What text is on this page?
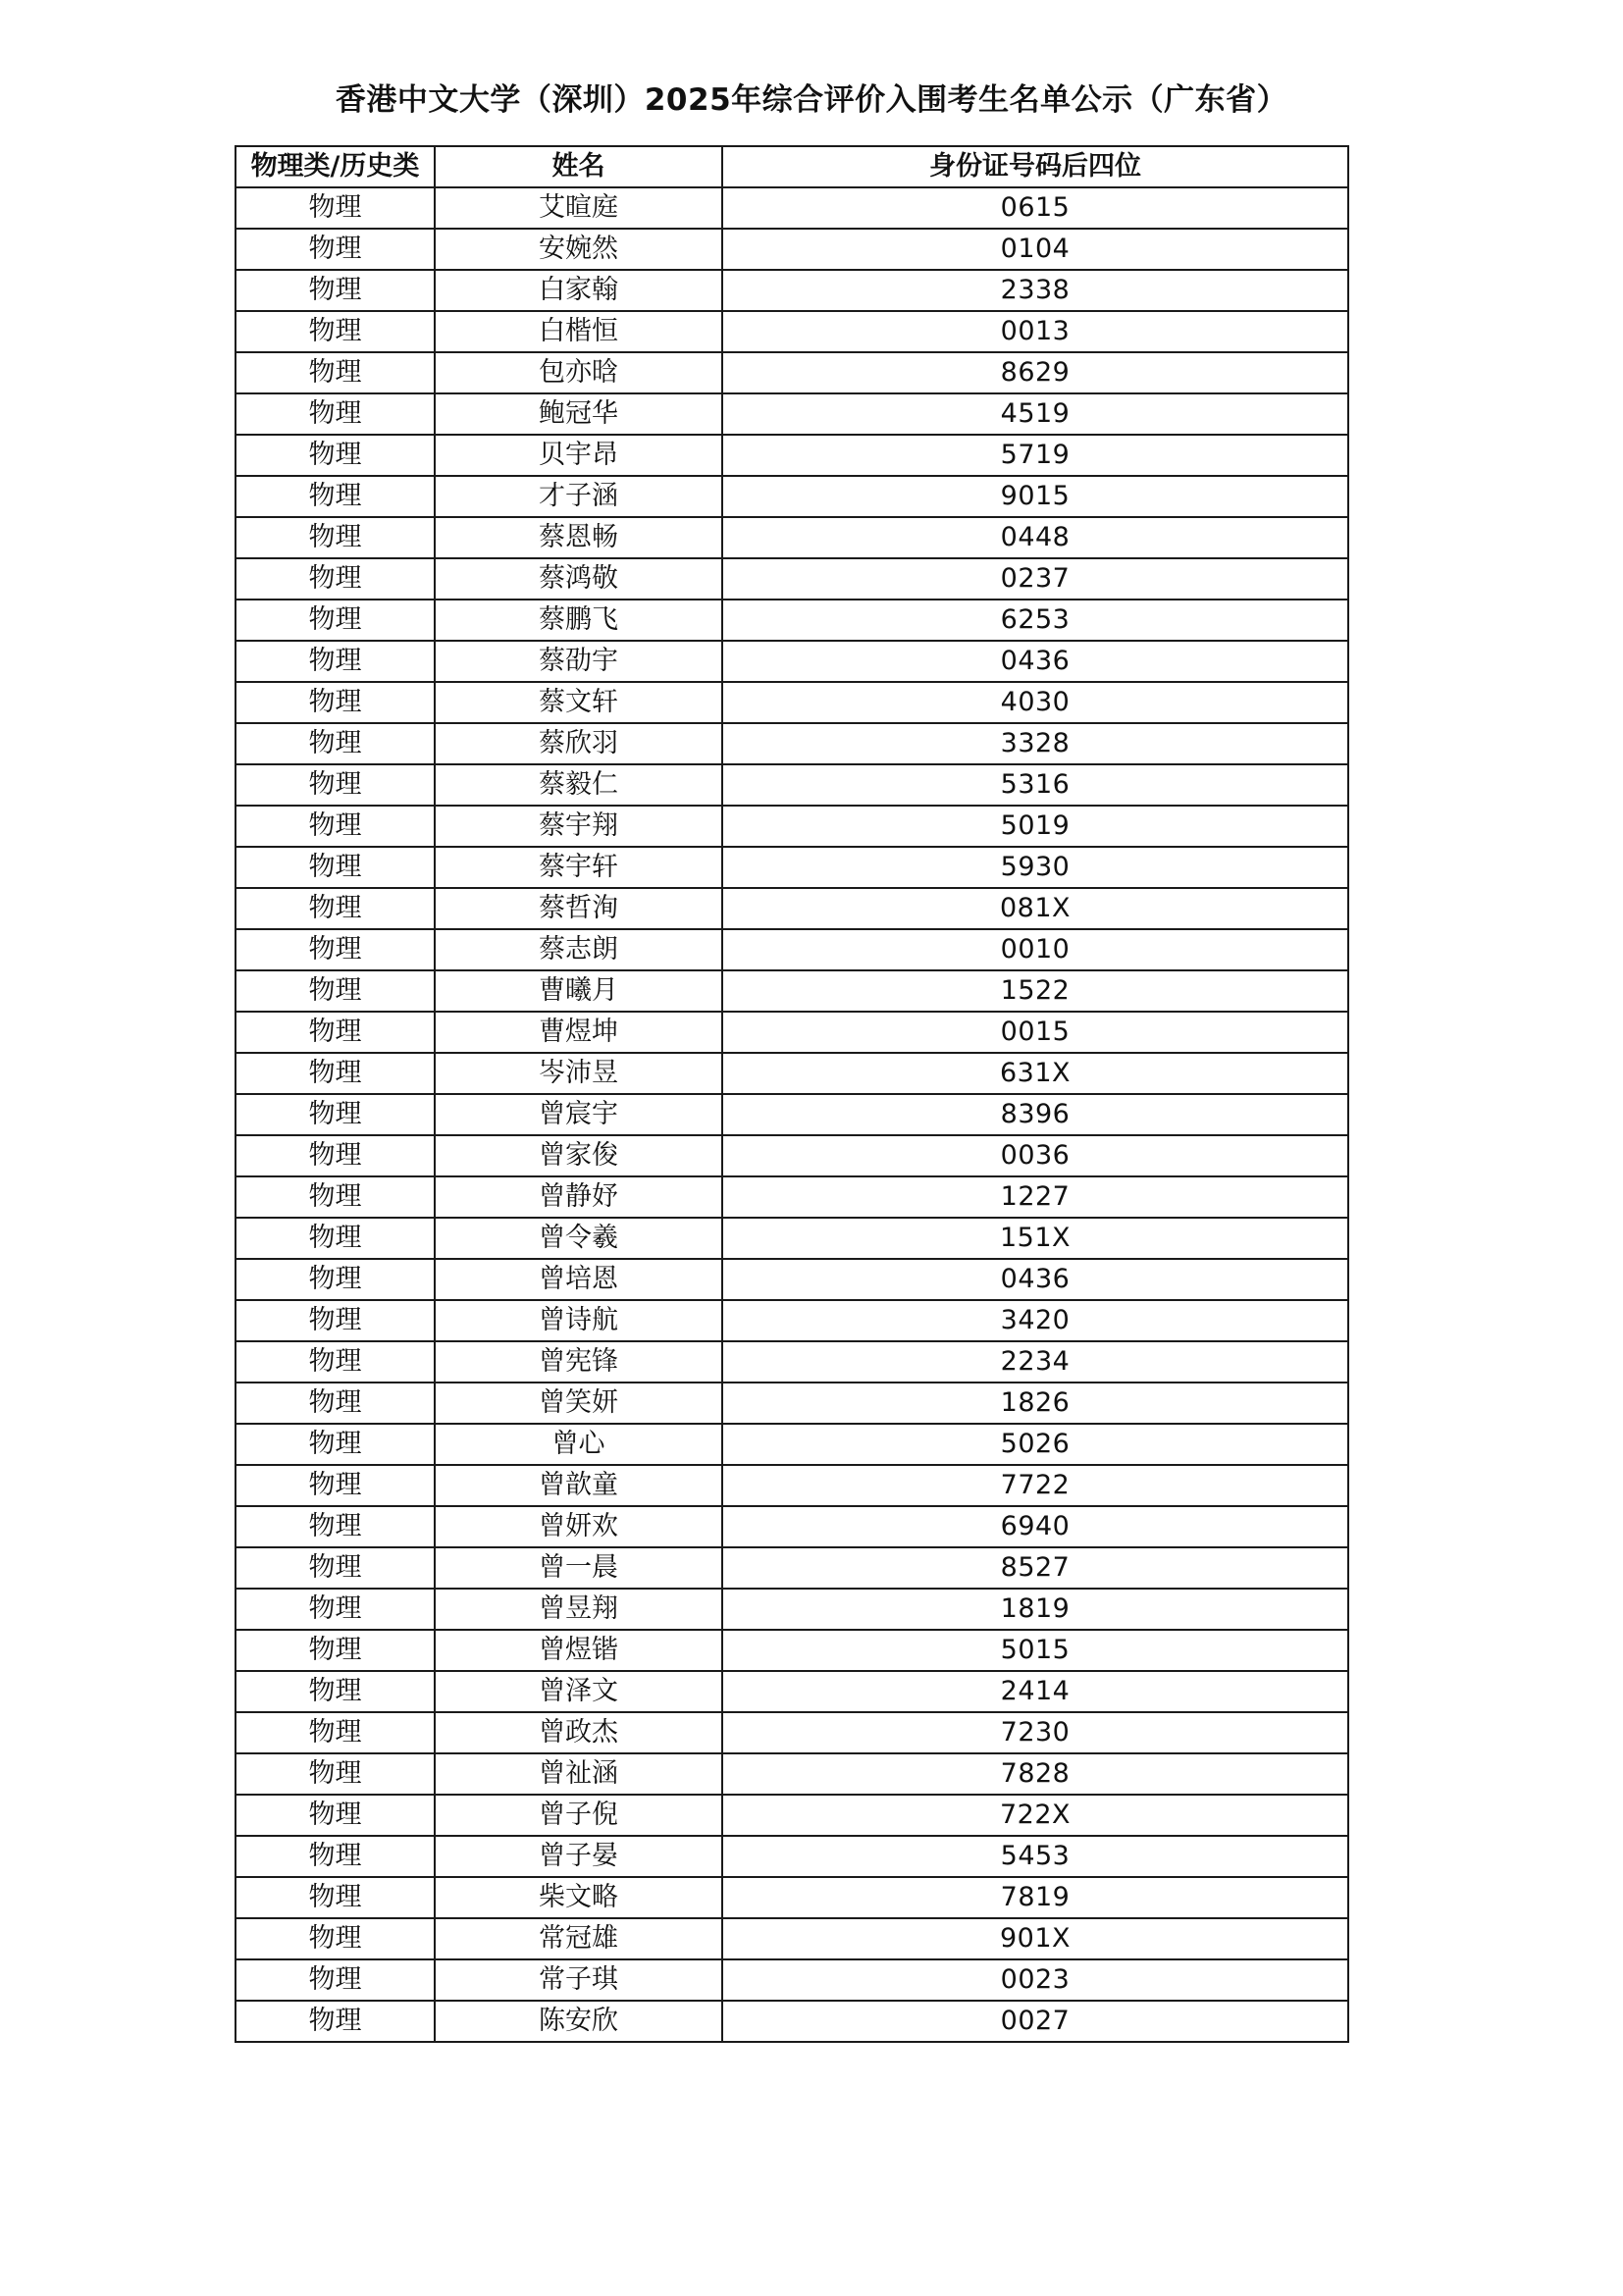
香港中文大学（深圳）2025年综合评价入围考生名单公示（广东省）
物理类/历史类	姓名	身份证号码后四位
物理	艾暄庭	0615
物理	安婉然	0104
物理	白家翰	2338
物理	白楷恒	0013
物理	包亦晗	8629
物理	鲍冠华	4519
物理	贝宇昂	5719
物理	才子涵	9015
物理	蔡恩畅	0448
物理	蔡鸿敬	0237
物理	蔡鹏飞	6253
物理	蔡劭宇	0436
物理	蔡文轩	4030
物理	蔡欣羽	3328
物理	蔡毅仁	5316
物理	蔡宇翔	5019
物理	蔡宇轩	5930
物理	蔡哲洵	081X
物理	蔡志朗	0010
物理	曹曦月	1522
物理	曹煜坤	0015
物理	岑沛昱	631X
物理	曾宸宇	8396
物理	曾家俊	0036
物理	曾静妤	1227
物理	曾令羲	151X
物理	曾培恩	0436
物理	曾诗航	3420
物理	曾宪锋	2234
物理	曾笑妍	1826
物理	曾心	5026
物理	曾歆童	7722
物理	曾妍欢	6940
物理	曾一晨	8527
物理	曾昱翔	1819
物理	曾煜锴	5015
物理	曾泽文	2414
物理	曾政杰	7230
物理	曾祉涵	7828
物理	曾子倪	722X
物理	曾子晏	5453
物理	柴文略	7819
物理	常冠雄	901X
物理	常子琪	0023
物理	陈安欣	0027
